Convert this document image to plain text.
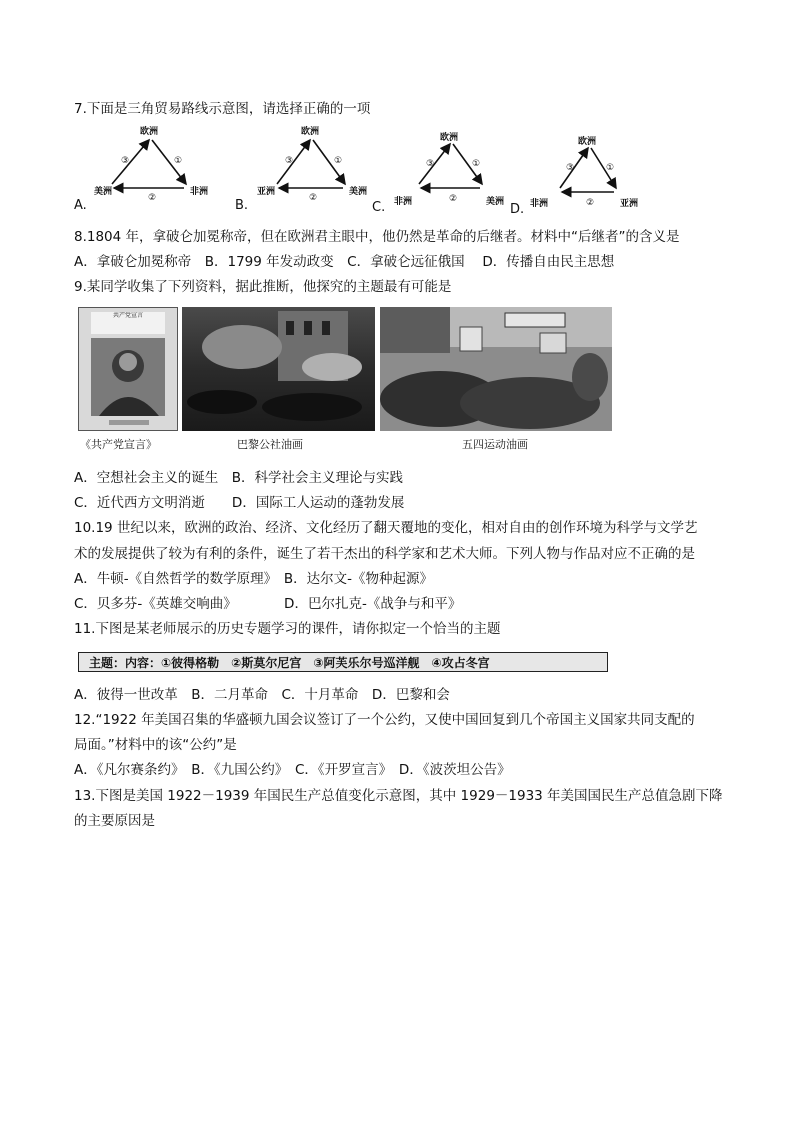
7.下面是三角贸易路线示意图，请选择正确的一项
欧洲
美洲	非洲
③	①
②
A.
欧洲
亚洲	美洲
③	①
②
B.
欧洲
非洲	美洲
③	①
②
C.
欧洲
非洲	亚洲
③	①
②
D.
8.1804 年，拿破仑加冕称帝，但在欧洲君主眼中，他仍然是革命的后继者。材料中“后继者”的含义是
A．拿破仑加冕称帝　B．1799 年发动政变　C．拿破仑远征俄国　 D．传播自由民主思想
9.某同学收集了下列资料，据此推断，他探究的主题最有可能是
共产党宣言
《共产党宣言》	巴黎公社油画	五四运动油画
A．空想社会主义的诞生　B．科学社会主义理论与实践
C．近代西方文明消逝　　D．国际工人运动的蓬勃发展
10.19 世纪以来，欧洲的政治、经济、文化经历了翻天覆地的变化，相对自由的创作环境为科学与文学艺
术的发展提供了较为有利的条件，诞生了若干杰出的科学家和艺术大师。下列人物与作品对应不正确的是
A．牛顿-《自然哲学的数学原理》　B．达尔文-《物种起源》
C．贝多芬-《英雄交响曲》　　　　D．巴尔扎克-《战争与和平》
11.下图是某老师展示的历史专题学习的课件，请你拟定一个恰当的主题
主题：内容：①彼得格勒　②斯莫尔尼宫　③阿芙乐尔号巡洋舰　④攻占冬宫
A．彼得一世改革　B．二月革命　C．十月革命　D．巴黎和会
12.“1922 年美国召集的华盛顿九国会议签订了一个公约，又使中国回复到几个帝国主义国家共同支配的
局面。”材料中的该“公约”是
A．《凡尔赛条约》　B．《九国公约》　C．《开罗宣言》　D．《波茨坦公告》
13.下图是美国 1922－1939 年国民生产总值变化示意图，其中 1929－1933 年美国国民生产总值急剧下降
的主要原因是
